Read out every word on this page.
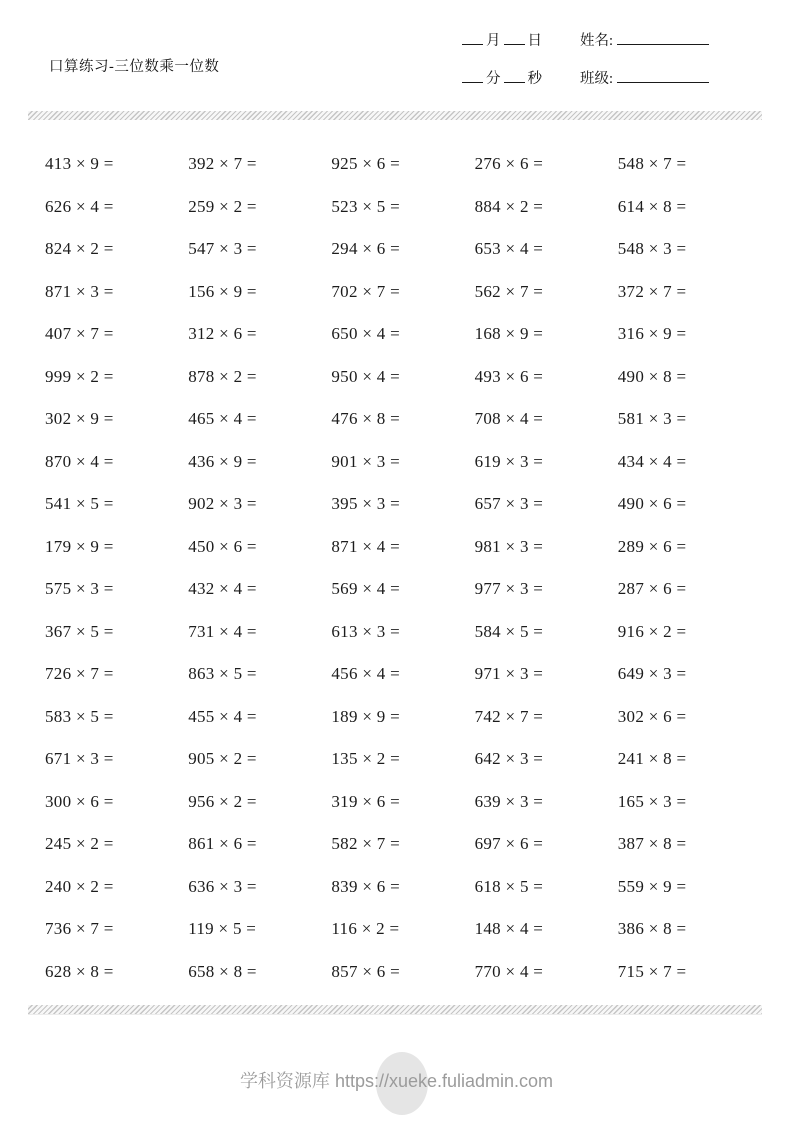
口算练习-三位数乘一位数
月 日	姓名:
分 秒	班级:
413 × 9 =	392 × 7 =	925 × 6 =	276 × 6 =	548 × 7 =
626 × 4 =	259 × 2 =	523 × 5 =	884 × 2 =	614 × 8 =
824 × 2 =	547 × 3 =	294 × 6 =	653 × 4 =	548 × 3 =
871 × 3 =	156 × 9 =	702 × 7 =	562 × 7 =	372 × 7 =
407 × 7 =	312 × 6 =	650 × 4 =	168 × 9 =	316 × 9 =
999 × 2 =	878 × 2 =	950 × 4 =	493 × 6 =	490 × 8 =
302 × 9 =	465 × 4 =	476 × 8 =	708 × 4 =	581 × 3 =
870 × 4 =	436 × 9 =	901 × 3 =	619 × 3 =	434 × 4 =
541 × 5 =	902 × 3 =	395 × 3 =	657 × 3 =	490 × 6 =
179 × 9 =	450 × 6 =	871 × 4 =	981 × 3 =	289 × 6 =
575 × 3 =	432 × 4 =	569 × 4 =	977 × 3 =	287 × 6 =
367 × 5 =	731 × 4 =	613 × 3 =	584 × 5 =	916 × 2 =
726 × 7 =	863 × 5 =	456 × 4 =	971 × 3 =	649 × 3 =
583 × 5 =	455 × 4 =	189 × 9 =	742 × 7 =	302 × 6 =
671 × 3 =	905 × 2 =	135 × 2 =	642 × 3 =	241 × 8 =
300 × 6 =	956 × 2 =	319 × 6 =	639 × 3 =	165 × 3 =
245 × 2 =	861 × 6 =	582 × 7 =	697 × 6 =	387 × 8 =
240 × 2 =	636 × 3 =	839 × 6 =	618 × 5 =	559 × 9 =
736 × 7 =	119 × 5 =	116 × 2 =	148 × 4 =	386 × 8 =
628 × 8 =	658 × 8 =	857 × 6 =	770 × 4 =	715 × 7 =
学科资源库 https://xueke.fuliadmin.com
